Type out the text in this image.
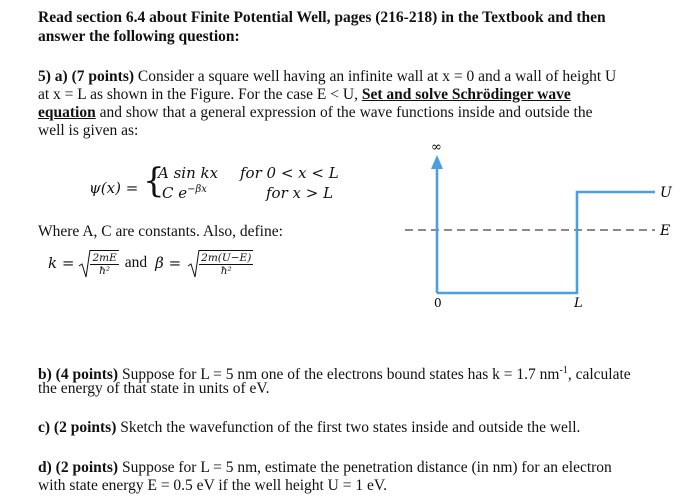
Read section 6.4 about Finite Potential Well, pages (216-218) in the Textbook and then
answer the following question:
5) a) (7 points) Consider a square well having an infinite wall at x = 0 and a wall of height U
at x = L as shown in the Figure. For the case E < U, Set and solve Schrödinger wave
equation and show that a general expression of the wave functions inside and outside the
well is given as:
ψ(x) = {
A sin kx for 0 < x < L
C $e^{-\beta x}$	for x > L
Where A, C are constants. Also, define:
$k = \frac{2mE}{\text{ħ²}}$ and $\beta = \frac{2m(U-E)}{\text{ħ²}}$
∞
U
E
0	L
b) (4 points) Suppose for L = 5 nm one of the electrons bound states has k = 1.7 $nm^{-1}$, calculate
the energy of that state in units of eV.
c) (2 points) Sketch the wavefunction of the first two states inside and outside the well.
d) (2 points) Suppose for L = 5 nm, estimate the penetration distance (in nm) for an electron
with state energy E = 0.5 eV if the well height U = 1 eV.
